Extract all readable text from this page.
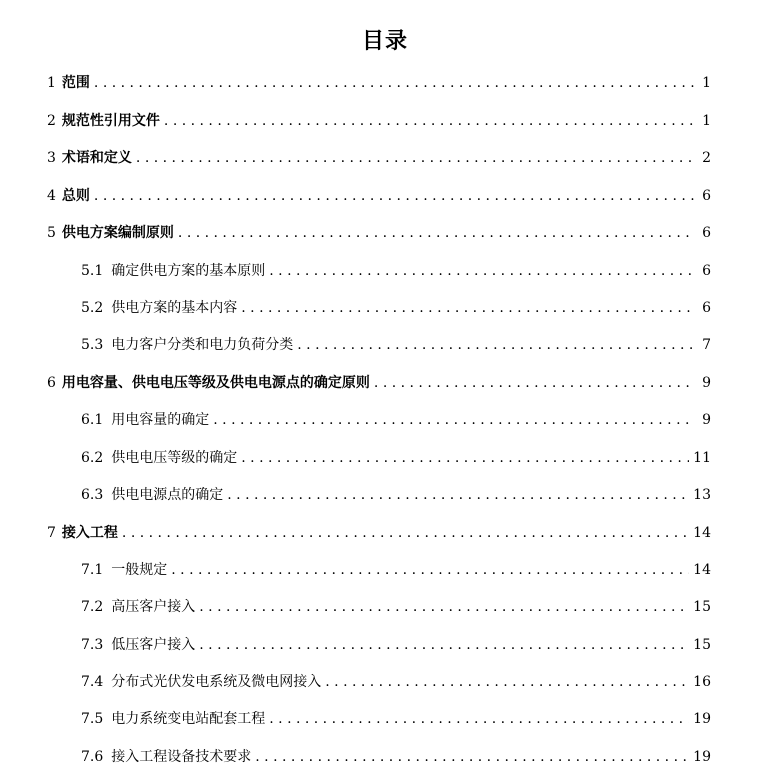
目录
1 范围 . . .	1
2 规范性引用文件 . . .	1
3 术语和定义 . . .	2
4 总则 . . .	6
5 供电方案编制原则 . . .	6
5.1 确定供电方案的基本原则 . . .	6
5.2 供电方案的基本内容 . . .	6
5.3 电力客户分类和电力负荷分类 . . .	7
6 用电容量、供电电压等级及供电电源点的确定原则 . . .	9
6.1 用电容量的确定 . . .	9
6.2 供电电压等级的确定 . . .	11
6.3 供电电源点的确定 . . .	13
7 接入工程 . . .	14
7.1 一般规定 . . .	14
7.2 高压客户接入 . . .	15
7.3 低压客户接入 . . .	15
7.4 分布式光伏发电系统及微电网接入 . . .	16
7.5 电力系统变电站配套工程 . . .	19
7.6 接入工程设备技术要求 . . .	19
